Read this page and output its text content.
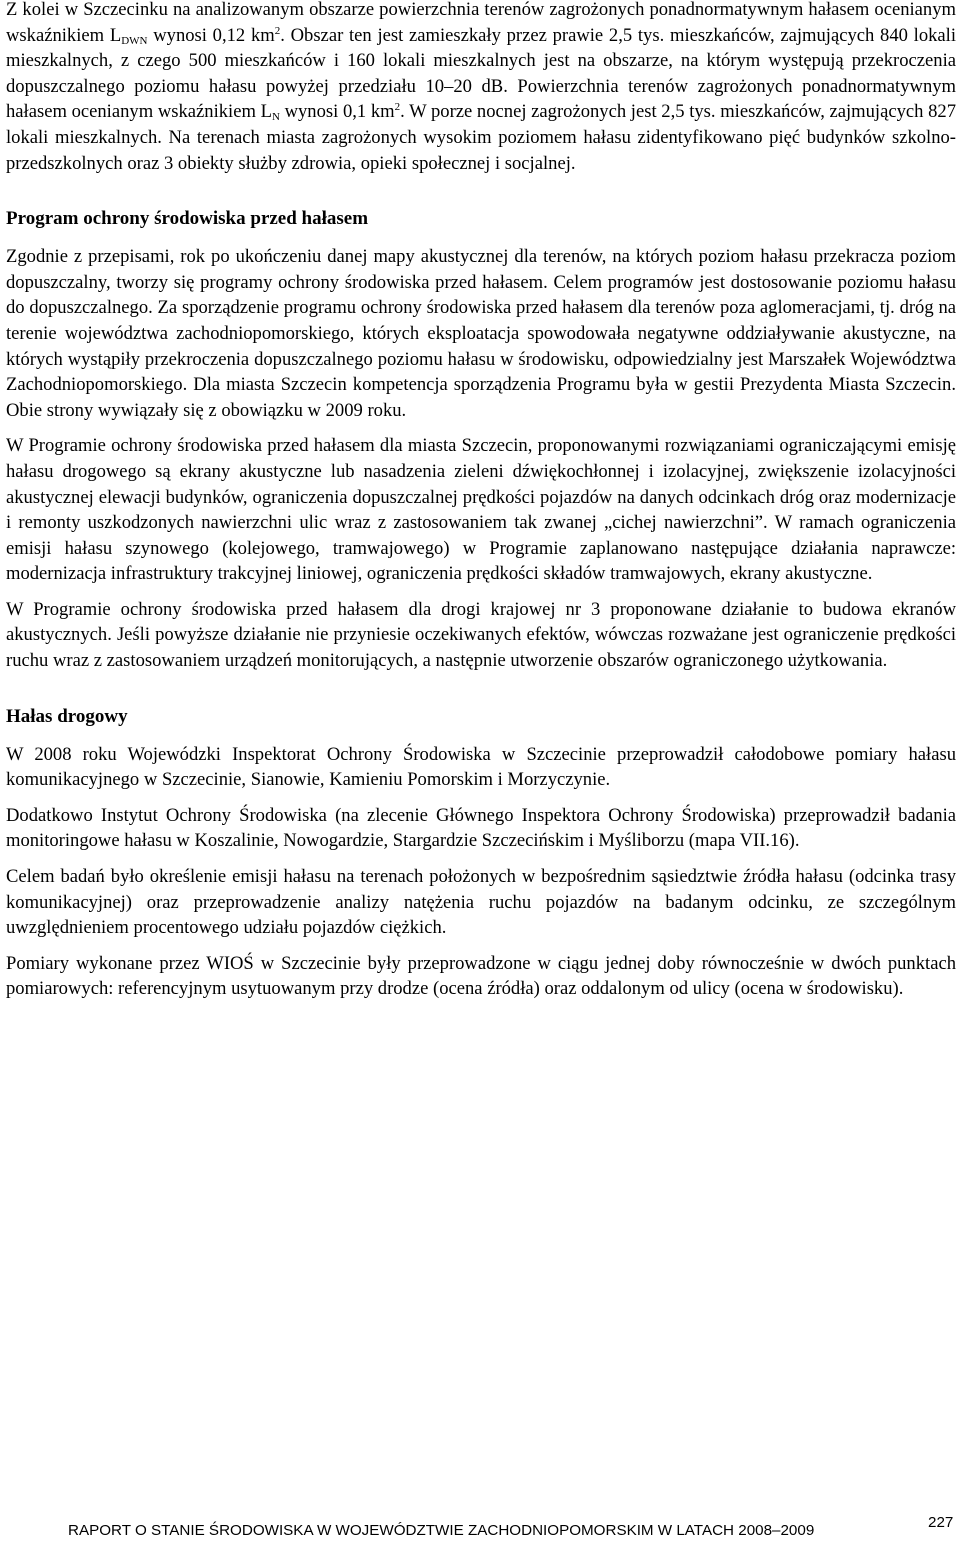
Z kolei w Szczecinku na analizowanym obszarze powierzchnia terenów zagrożonych ponadnormatywnym hałasem ocenianym wskaźnikiem $L_{DWN}$ wynosi 0,12 $km^2$. Obszar ten jest zamieszkały przez prawie 2,5 tys. mieszkańców, zajmujących 840 lokali mieszkalnych, z czego 500 mieszkańców i 160 lokali mieszkalnych jest na obszarze, na którym występują przekroczenia dopuszczalnego poziomu hałasu powyżej przedziału 10–20 dB. Powierzchnia terenów zagrożonych ponadnormatywnym hałasem ocenianym wskaźnikiem $L_N$ wynosi 0,1 $km^2$. W porze nocnej zagrożonych jest 2,5 tys. mieszkańców, zajmujących 827 lokali mieszkalnych. Na terenach miasta zagrożonych wysokim poziomem hałasu zidentyfikowano pięć budynków szkolno-przedszkolnych oraz 3 obiekty służby zdrowia, opieki społecznej i socjalnej.

Program ochrony środowiska przed hałasem

Zgodnie z przepisami, rok po ukończeniu danej mapy akustycznej dla terenów, na których poziom hałasu przekracza poziom dopuszczalny, tworzy się programy ochrony środowiska przed hałasem. Celem programów jest dostosowanie poziomu hałasu do dopuszczalnego. Za sporządzenie programu ochrony środowiska przed hałasem dla terenów poza aglomeracjami, tj. dróg na terenie województwa zachodniopomorskiego, których eksploatacja spowodowała negatywne oddziaływanie akustyczne, na których wystąpiły przekroczenia dopuszczalnego poziomu hałasu w środowisku, odpowiedzialny jest Marszałek Województwa Zachodniopomorskiego. Dla miasta Szczecin kompetencja sporządzenia Programu była w gestii Prezydenta Miasta Szczecin. Obie strony wywiązały się z obowiązku w 2009 roku.

W Programie ochrony środowiska przed hałasem dla miasta Szczecin, proponowanymi rozwiązaniami ograniczającymi emisję hałasu drogowego są ekrany akustyczne lub nasadzenia zieleni dźwiękochłonnej i izolacyjnej, zwiększenie izolacyjności akustycznej elewacji budynków, ograniczenia dopuszczalnej prędkości pojazdów na danych odcinkach dróg oraz modernizacje i remonty uszkodzonych nawierzchni ulic wraz z zastosowaniem tak zwanej „cichej nawierzchni”. W ramach ograniczenia emisji hałasu szynowego (kolejowego, tramwajowego) w Programie zaplanowano następujące działania naprawcze: modernizacja infrastruktury trakcyjnej liniowej, ograniczenia prędkości składów tramwajowych, ekrany akustyczne.

W Programie ochrony środowiska przed hałasem dla drogi krajowej nr 3 proponowane działanie to budowa ekranów akustycznych. Jeśli powyższe działanie nie przyniesie oczekiwanych efektów, wówczas rozważane jest ograniczenie prędkości ruchu wraz z zastosowaniem urządzeń monitorujących, a następnie utworzenie obszarów ograniczonego użytkowania.

Hałas drogowy

W 2008 roku Wojewódzki Inspektorat Ochrony Środowiska w Szczecinie przeprowadził całodobowe pomiary hałasu komunikacyjnego w Szczecinie, Sianowie, Kamieniu Pomorskim i Morzyczynie.

Dodatkowo Instytut Ochrony Środowiska (na zlecenie Głównego Inspektora Ochrony Środowiska) przeprowadził badania monitoringowe hałasu w Koszalinie, Nowogardzie, Stargardzie Szczecińskim i Myśliborzu (mapa VII.16).

Celem badań było określenie emisji hałasu na terenach położonych w bezpośrednim sąsiedztwie źródła hałasu (odcinka trasy komunikacyjnej) oraz przeprowadzenie analizy natężenia ruchu pojazdów na badanym odcinku, ze szczególnym uwzględnieniem procentowego udziału pojazdów ciężkich.

Pomiary wykonane przez WIOŚ w Szczecinie były przeprowadzone w ciągu jednej doby równocześnie w dwóch punktach pomiarowych: referencyjnym usytuowanym przy drodze (ocena źródła) oraz oddalonym od ulicy (ocena w środowisku).

RAPORT O STANIE ŚRODOWISKA W WOJEWÓDZTWIE ZACHODNIOPOMORSKIM W LATACH 2008–2009	227
